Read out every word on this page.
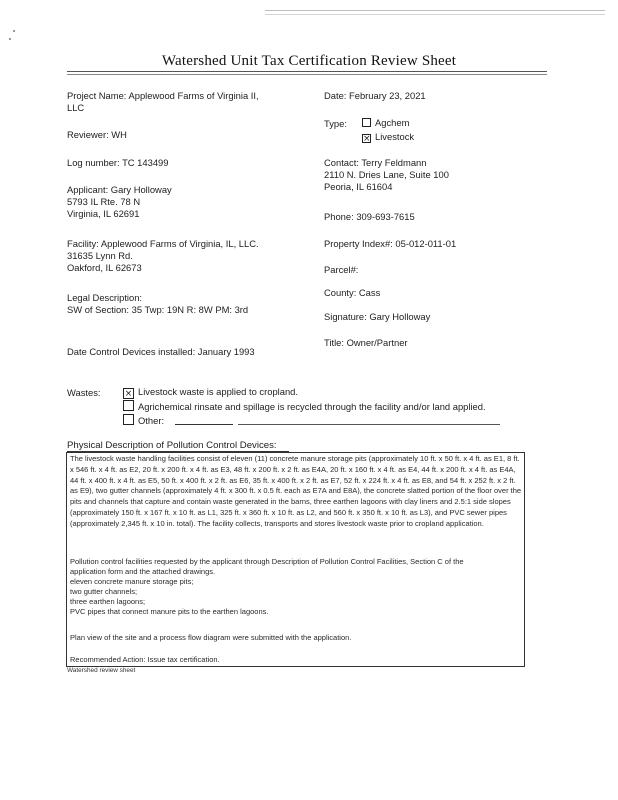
Watershed Unit Tax Certification Review Sheet
Project Name: Applewood Farms of Virginia II,
LLC
Reviewer: WH
Log number: TC 143499
Applicant: Gary Holloway
5793 IL Rte. 78 N
Virginia, IL 62691
Facility: Applewood Farms of Virginia, IL, LLC.
31635 Lynn Rd.
Oakford, IL 62673
Legal Description:
SW of Section: 35 Twp: 19N R: 8W PM: 3rd
Date Control Devices installed: January 1993
Date: February 23, 2021
Type:	Agchem
× Livestock
Contact: Terry Feldmann
2110 N. Dries Lane, Suite 100
Peoria, IL 61604
Phone: 309-693-7615
Property Index#: 05-012-011-01
Parcel#:
County: Cass
Signature: Gary Holloway
Title: Owner/Partner
Wastes:	× Livestock waste is applied to cropland.
Agrichemical rinsate and spillage is recycled through the facility and/or land applied.
Other:
Physical Description of Pollution Control Devices:
The livestock waste handling facilities consist of eleven (11) concrete manure storage pits (approximately 10 ft. x 50 ft. x 4 ft. as E1, 8 ft. x 546 ft. x 4 ft. as E2, 20 ft. x 200 ft. x 4 ft. as E3, 48 ft. x 200 ft. x 2 ft. as E4A, 20 ft. x 160 ft. x 4 ft. as E4, 44 ft. x 200 ft. x 4 ft. as E4A, 44 ft. x 400 ft. x 4 ft. as E5, 50 ft. x 400 ft. x 2 ft. as E6, 35 ft. x 400 ft. x 2 ft. as E7, 52 ft. x 224 ft. x 4 ft. as E8, and 54 ft. x 252 ft. x 2 ft. as E9), two gutter channels (approximately 4 ft. x 300 ft. x 0.5 ft. each as E7A and E8A), the concrete slatted portion of the floor over the pits and channels that capture and contain waste generated in the barns, three earthen lagoons with clay liners and 2.5:1 side slopes (approximately 150 ft. x 167 ft. x 10 ft. as L1, 325 ft. x 360 ft. x 10 ft. as L2, and 560 ft. x 350 ft. x 10 ft. as L3), and PVC sewer pipes (approximately 2,345 ft. x 10 in. total). The facility collects, transports and stores livestock waste prior to cropland application.
Pollution control facilities requested by the applicant through Description of Pollution Control Facilities, Section C of the
application form and the attached drawings.
eleven concrete manure storage pits;
two gutter channels;
three earthen lagoons;
PVC pipes that connect manure pits to the earthen lagoons.
Plan view of the site and a process flow diagram were submitted with the application.
Recommended Action: Issue tax certification.
Watershed review sheet
